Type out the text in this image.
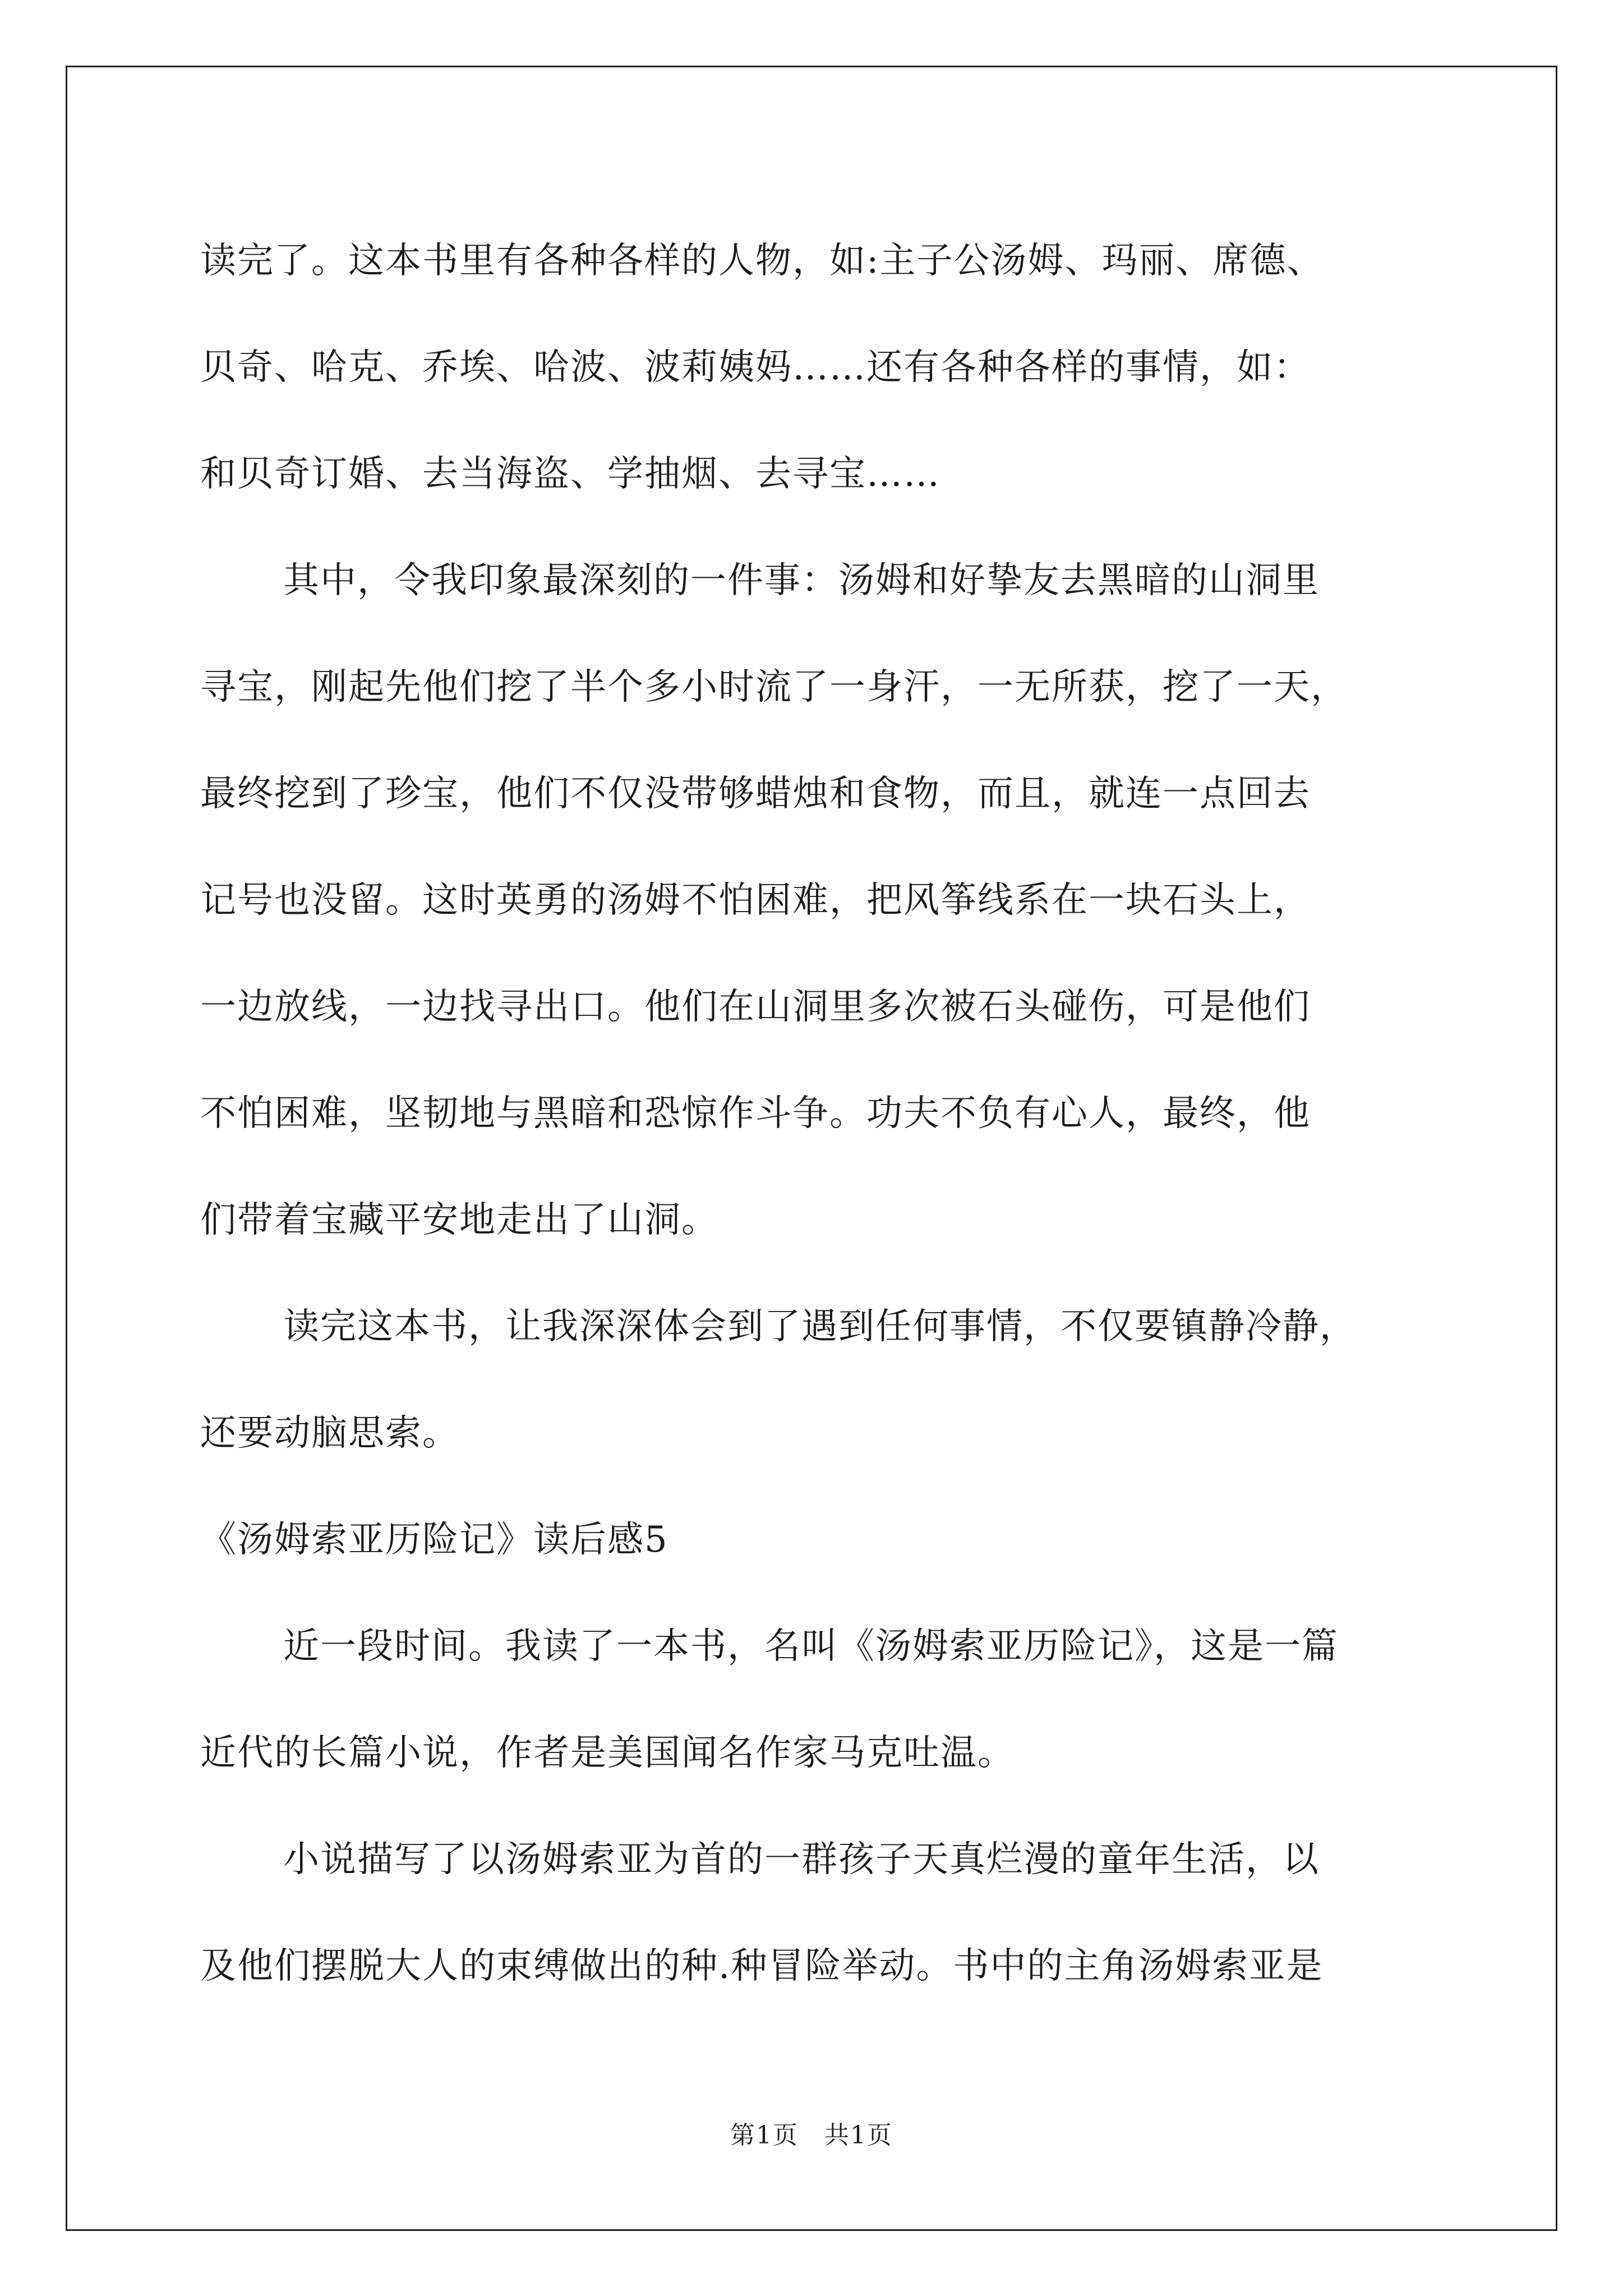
读完了。这本书里有各种各样的人物，如:主子公汤姆、玛丽、席德、
贝奇、哈克、乔埃、哈波、波莉姨妈……还有各种各样的事情，如：
和贝奇订婚、去当海盗、学抽烟、去寻宝……
其中，令我印象最深刻的一件事：汤姆和好挚友去黑暗的山洞里
寻宝，刚起先他们挖了半个多小时流了一身汗，一无所获，挖了一天，
最终挖到了珍宝，他们不仅没带够蜡烛和食物，而且，就连一点回去
记号也没留。这时英勇的汤姆不怕困难，把风筝线系在一块石头上，
一边放线，一边找寻出口。他们在山洞里多次被石头碰伤，可是他们
不怕困难，坚韧地与黑暗和恐惊作斗争。功夫不负有心人，最终，他
们带着宝藏平安地走出了山洞。
读完这本书，让我深深体会到了遇到任何事情，不仅要镇静冷静，
还要动脑思索。
《汤姆索亚历险记》读后感5
近一段时间。我读了一本书，名叫《汤姆索亚历险记》，这是一篇
近代的长篇小说，作者是美国闻名作家马克吐温。
小说描写了以汤姆索亚为首的一群孩子天真烂漫的童年生活，以
及他们摆脱大人的束缚做出的种.种冒险举动。书中的主角汤姆索亚是
第1页　共1页
